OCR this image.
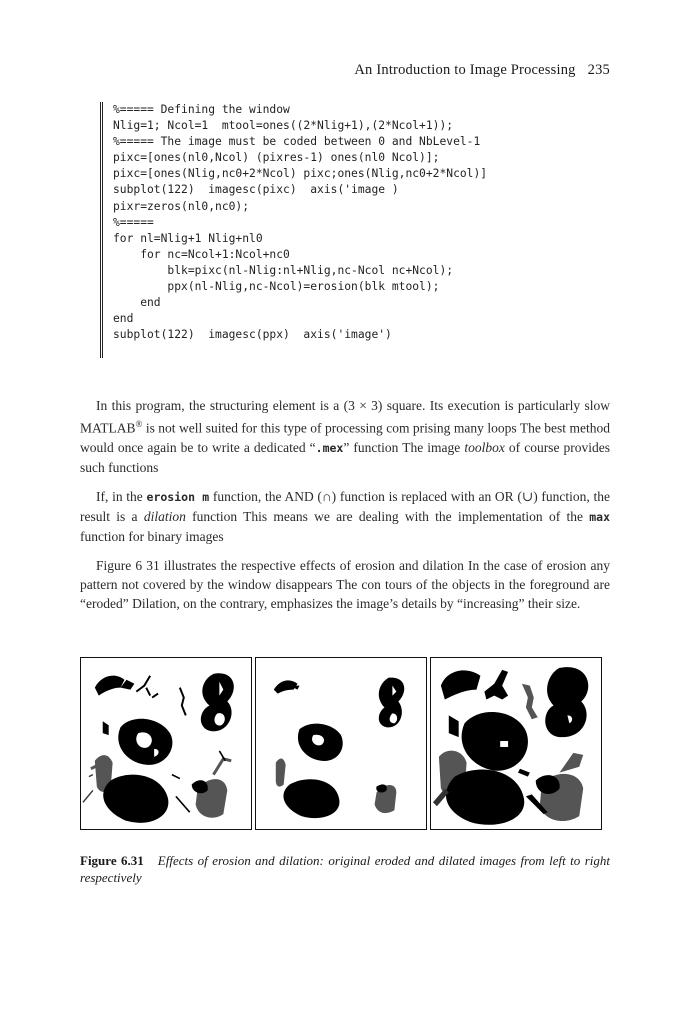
An Introduction to Image Processing 235
%===== Defining the window
Nlig=1; Ncol=1  mtool=ones((2*Nlig+1),(2*Ncol+1));
%===== The image must be coded between 0 and NbLevel-1
pixc=[ones(nl0,Ncol) (pixres-1) ones(nl0 Ncol)];
pixc=[ones(Nlig,nc0+2*Ncol) pixc;ones(Nlig,nc0+2*Ncol)]
subplot(122)  imagesc(pixc)  axis('image )
pixr=zeros(nl0,nc0);
%=====
for nl=Nlig+1 Nlig+nl0
for nc=Ncol+1:Ncol+nc0
blk=pixc(nl-Nlig:nl+Nlig,nc-Ncol nc+Ncol);
ppx(nl-Nlig,nc-Ncol)=erosion(blk mtool);
end
end
subplot(122)  imagesc(ppx)  axis('image')

In this program, the structuring element is a (3 × 3) square. Its execution is particularly slow MATLAB® is not well suited for this type of processing com prising many loops The best method would once again be to write a dedicated “.mex” function The image toolbox of course provides such functions

If, in the erosion m function, the AND (∩) function is replaced with an OR (∪) function, the result is a dilation function This means we are dealing with the implementation of the max function for binary images

Figure 6 31 illustrates the respective effects of erosion and dilation In the case of erosion any pattern not covered by the window disappears The con tours of the objects in the foreground are “eroded” Dilation, on the contrary, emphasizes the image’s details by “increasing” their size.

Figure 6.31 Effects of erosion and dilation: original eroded and dilated images from left to right respectively
